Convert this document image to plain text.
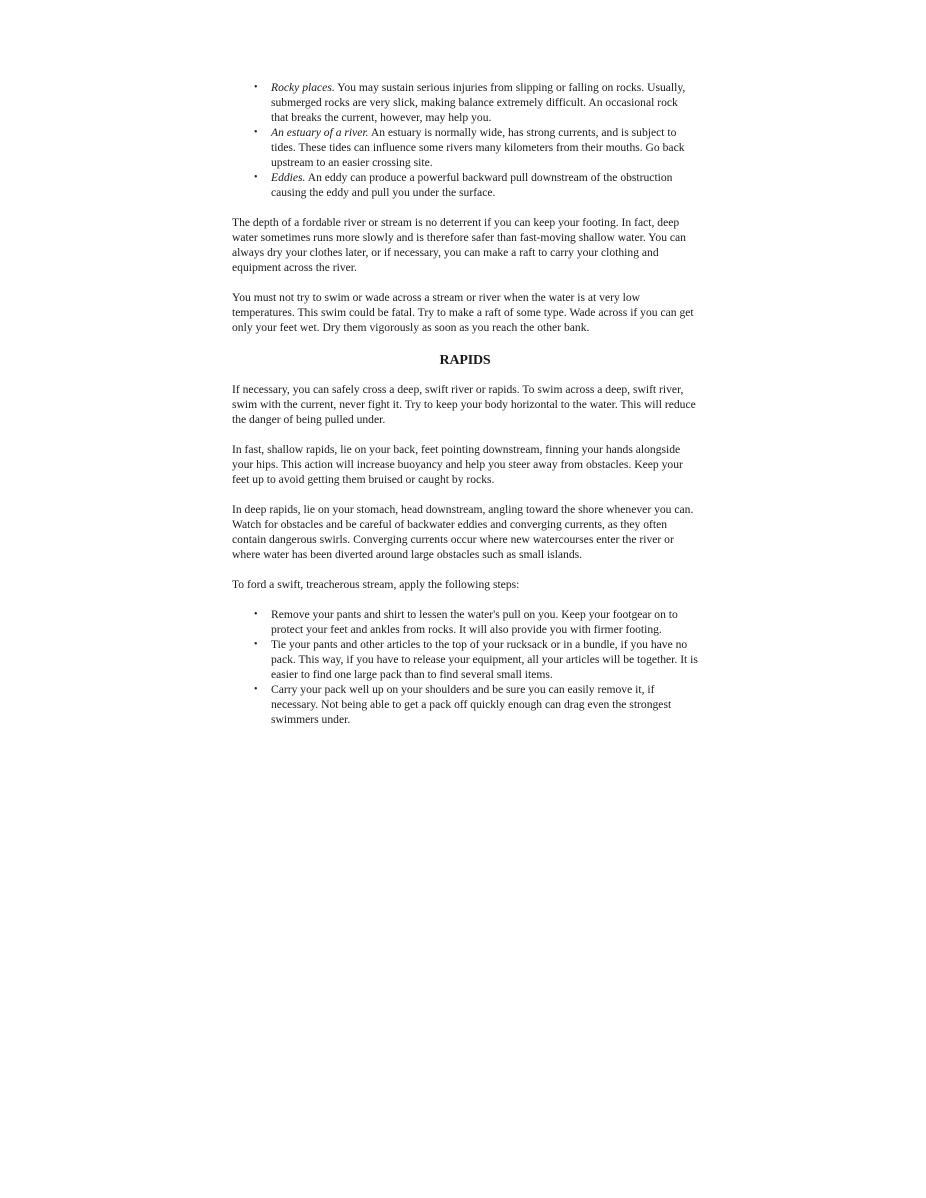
• Rocky places. You may sustain serious injuries from slipping or falling on rocks. Usually, submerged rocks are very slick, making balance extremely difficult. An occasional rock that breaks the current, however, may help you.
• An estuary of a river. An estuary is normally wide, has strong currents, and is subject to tides. These tides can influence some rivers many kilometers from their mouths. Go back upstream to an easier crossing site.
• Eddies. An eddy can produce a powerful backward pull downstream of the obstruction causing the eddy and pull you under the surface.

The depth of a fordable river or stream is no deterrent if you can keep your footing. In fact, deep water sometimes runs more slowly and is therefore safer than fast-moving shallow water. You can always dry your clothes later, or if necessary, you can make a raft to carry your clothing and equipment across the river.

You must not try to swim or wade across a stream or river when the water is at very low temperatures. This swim could be fatal. Try to make a raft of some type. Wade across if you can get only your feet wet. Dry them vigorously as soon as you reach the other bank.

RAPIDS

If necessary, you can safely cross a deep, swift river or rapids. To swim across a deep, swift river, swim with the current, never fight it. Try to keep your body horizontal to the water. This will reduce the danger of being pulled under.

In fast, shallow rapids, lie on your back, feet pointing downstream, finning your hands alongside your hips. This action will increase buoyancy and help you steer away from obstacles. Keep your feet up to avoid getting them bruised or caught by rocks.

In deep rapids, lie on your stomach, head downstream, angling toward the shore whenever you can. Watch for obstacles and be careful of backwater eddies and converging currents, as they often contain dangerous swirls. Converging currents occur where new watercourses enter the river or where water has been diverted around large obstacles such as small islands.

To ford a swift, treacherous stream, apply the following steps:

• Remove your pants and shirt to lessen the water's pull on you. Keep your footgear on to protect your feet and ankles from rocks. It will also provide you with firmer footing.
• Tie your pants and other articles to the top of your rucksack or in a bundle, if you have no pack. This way, if you have to release your equipment, all your articles will be together. It is easier to find one large pack than to find several small items.
• Carry your pack well up on your shoulders and be sure you can easily remove it, if necessary. Not being able to get a pack off quickly enough can drag even the strongest swimmers under.
